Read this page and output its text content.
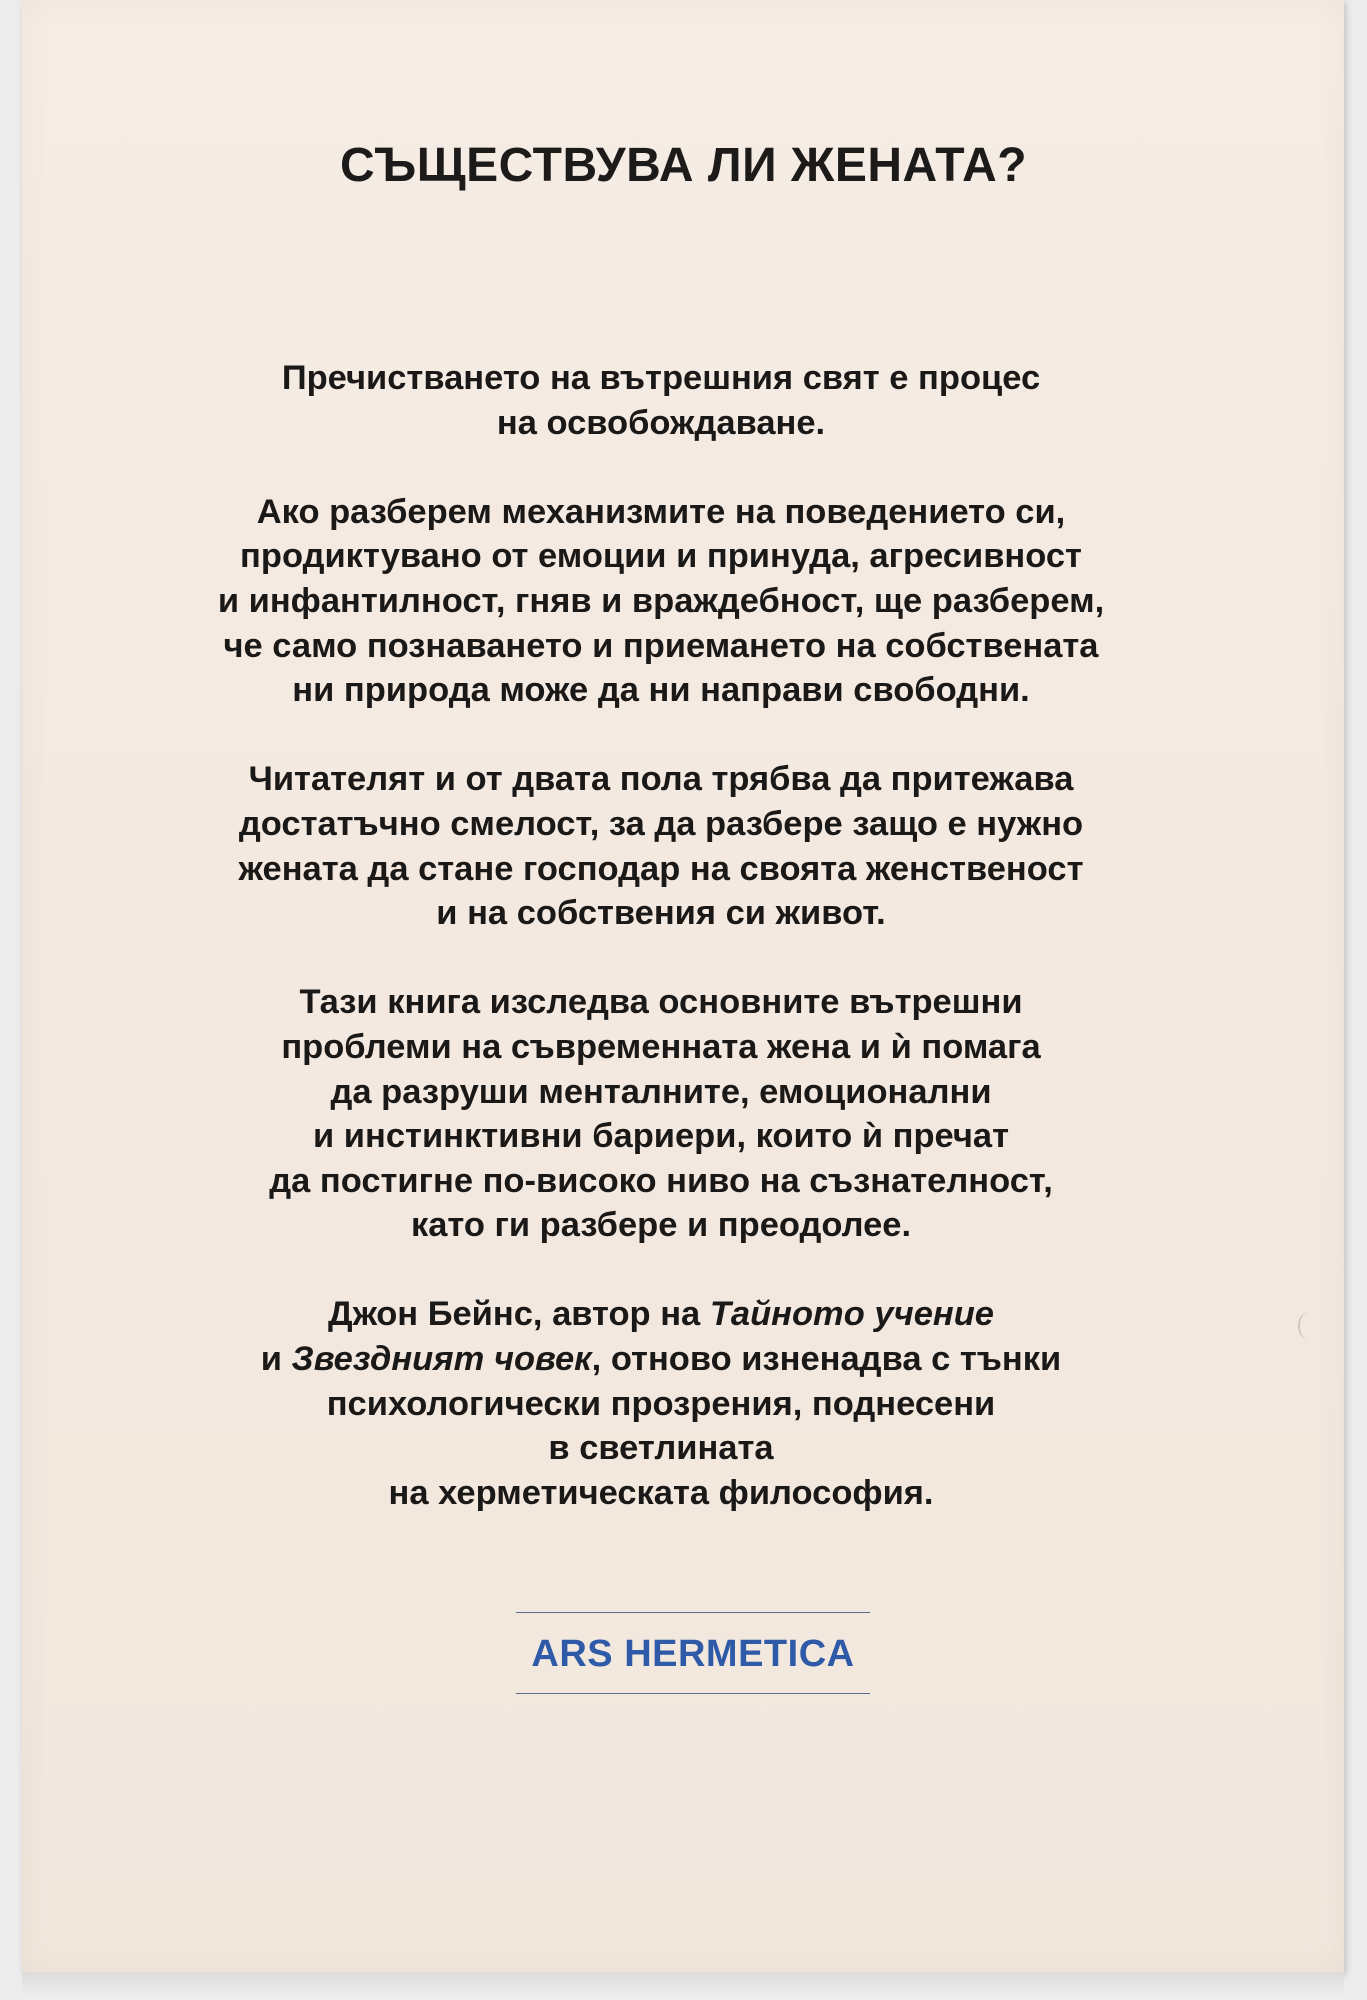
СЪЩЕСТВУВА ЛИ ЖЕНАТА?

Пречистването на вътрешния свят е процес
на освобождаване.

Ако разберем механизмите на поведението си,
продиктувано от емоции и принуда, агресивност
и инфантилност, гняв и враждебност, ще разберем,
че само познаването и приемането на собствената
ни природа може да ни направи свободни.

Читателят и от двата пола трябва да притежава
достатъчно смелост, за да разбере защо е нужно
жената да стане господар на своята женственост
и на собствения си живот.

Тази книга изследва основните вътрешни
проблеми на съвременната жена и ѝ помага
да разруши менталните, емоционални
и инстинктивни бариери, които ѝ пречат
да постигне по-високо ниво на съзнателност,
като ги разбере и преодолее.

Джон Бейнс, автор на Тайнотo учение
и Звездният човек, отново изненадва с тънки
психологически прозрения, поднесени
в светлината
на херметическата философия.

ARS HERMETICA
